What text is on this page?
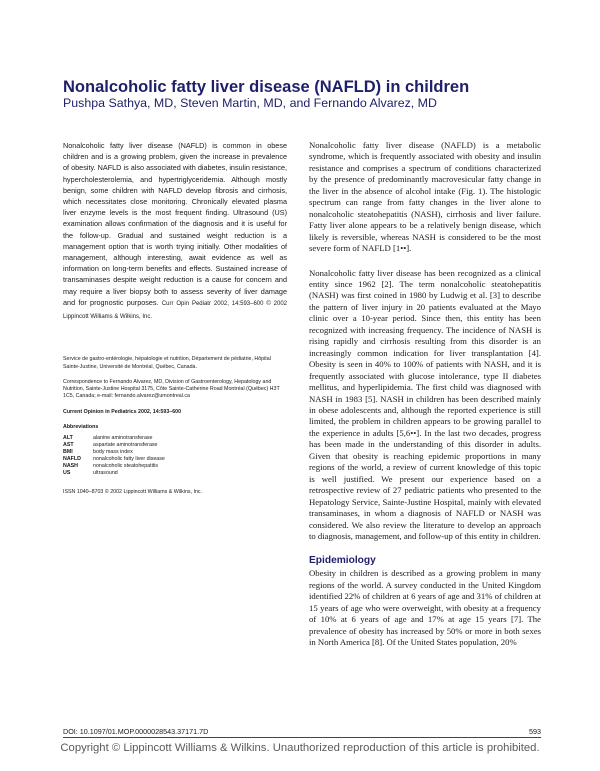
Nonalcoholic fatty liver disease (NAFLD) in children
Pushpa Sathya, MD, Steven Martin, MD, and Fernando Alvarez, MD

Nonalcoholic fatty liver disease (NAFLD) is common in obese children and is a growing problem, given the increase in prevalence of obesity. NAFLD is also associated with diabetes, insulin resistance, hypercholesterolemia, and hypertriglyceridemia. Although mostly benign, some children with NAFLD develop fibrosis and cirrhosis, which necessitates close monitoring. Chronically elevated plasma liver enzyme levels is the most frequent finding. Ultrasound (US) examination allows confirmation of the diagnosis and it is useful for the follow-up. Gradual and sustained weight reduction is a management option that is worth trying initially. Other modalities of management, although interesting, await evidence as well as information on long-term benefits and effects. Sustained increase of transaminases despite weight reduction is a cause for concern and may require a liver biopsy both to assess severity of liver damage and for prognostic purposes. Curr Opin Pediatr 2002, 14:593–600 © 2002 Lippincott Williams & Wilkins, Inc.

Service de gastro-entérologie, hépatologie et nutrition, Département de pédiatrie, Hôpital Sainte-Justine, Université de Montréal, Québec, Canada.

Correspondence to Fernando Alvarez, MD, Division of Gastroenterology, Hepatology and Nutrition, Sainte-Justine Hospital 3175, Côte Sainte-Catherine Road Montréal (Québec) H3T 1C5, Canada; e-mail: fernando.alvarez@umontreal.ca

Current Opinion in Pediatrics 2002, 14:593–600

Abbreviations

ALT	alanine aminotransferase
AST	aspartate aminotransferase
BMI	body mass index
NAFLD	nonalcoholic fatty liver disease
NASH	nonalcoholic steatohepatitis
US	ultrasound

ISSN 1040–8703 © 2002 Lippincott Williams & Wilkins, Inc.

Nonalcoholic fatty liver disease (NAFLD) is a metabolic syndrome, which is frequently associated with obesity and insulin resistance and comprises a spectrum of conditions characterized by the presence of predominantly macrovesicular fatty change in the liver in the absence of alcohol intake (Fig. 1). The histologic spectrum can range from fatty changes in the liver alone to nonalcoholic steatohepatitis (NASH), cirrhosis and liver failure. Fatty liver alone appears to be a relatively benign disease, which likely is reversible, whereas NASH is considered to be the most severe form of NAFLD [1••].

Nonalcoholic fatty liver disease has been recognized as a clinical entity since 1962 [2]. The term nonalcoholic steatohepatitis (NASH) was first coined in 1980 by Ludwig et al. [3] to describe the pattern of liver injury in 20 patients evaluated at the Mayo clinic over a 10-year period. Since then, this entity has been recognized with increasing frequency. The incidence of NASH is rising rapidly and cirrhosis resulting from this disorder is an increasingly common indication for liver transplantation [4]. Obesity is seen in 40% to 100% of patients with NASH, and it is frequently associated with glucose intolerance, type II diabetes mellitus, and hyperlipidemia. The first child was diagnosed with NASH in 1983 [5]. NASH in children has been described mainly in obese adolescents and, although the reported experience is still limited, the problem in children appears to be growing parallel to the experience in adults [5,6••]. In the last two decades, progress has been made in the understanding of this disorder in adults. Given that obesity is reaching epidemic proportions in many regions of the world, a review of current knowledge of this topic is well justified. We present our experience based on a retrospective review of 27 pediatric patients who presented to the Hepatology Service, Sainte-Justine Hospital, mainly with elevated transaminases, in whom a diagnosis of NAFLD or NASH was considered. We also review the literature to develop an approach to diagnosis, management, and follow-up of this entity in children.

Epidemiology

Obesity in children is described as a growing problem in many regions of the world. A survey conducted in the United Kingdom identified 22% of children at 6 years of age and 31% of children at 15 years of age who were overweight, with obesity at a frequency of 10% at 6 years of age and 17% at age 15 years [7]. The prevalence of obesity has increased by 50% or more in both sexes in North America [8]. Of the United States population, 20%

DOI: 10.1097/01.MOP.0000028543.37171.7D	593
Copyright © Lippincott Williams & Wilkins. Unauthorized reproduction of this article is prohibited.
